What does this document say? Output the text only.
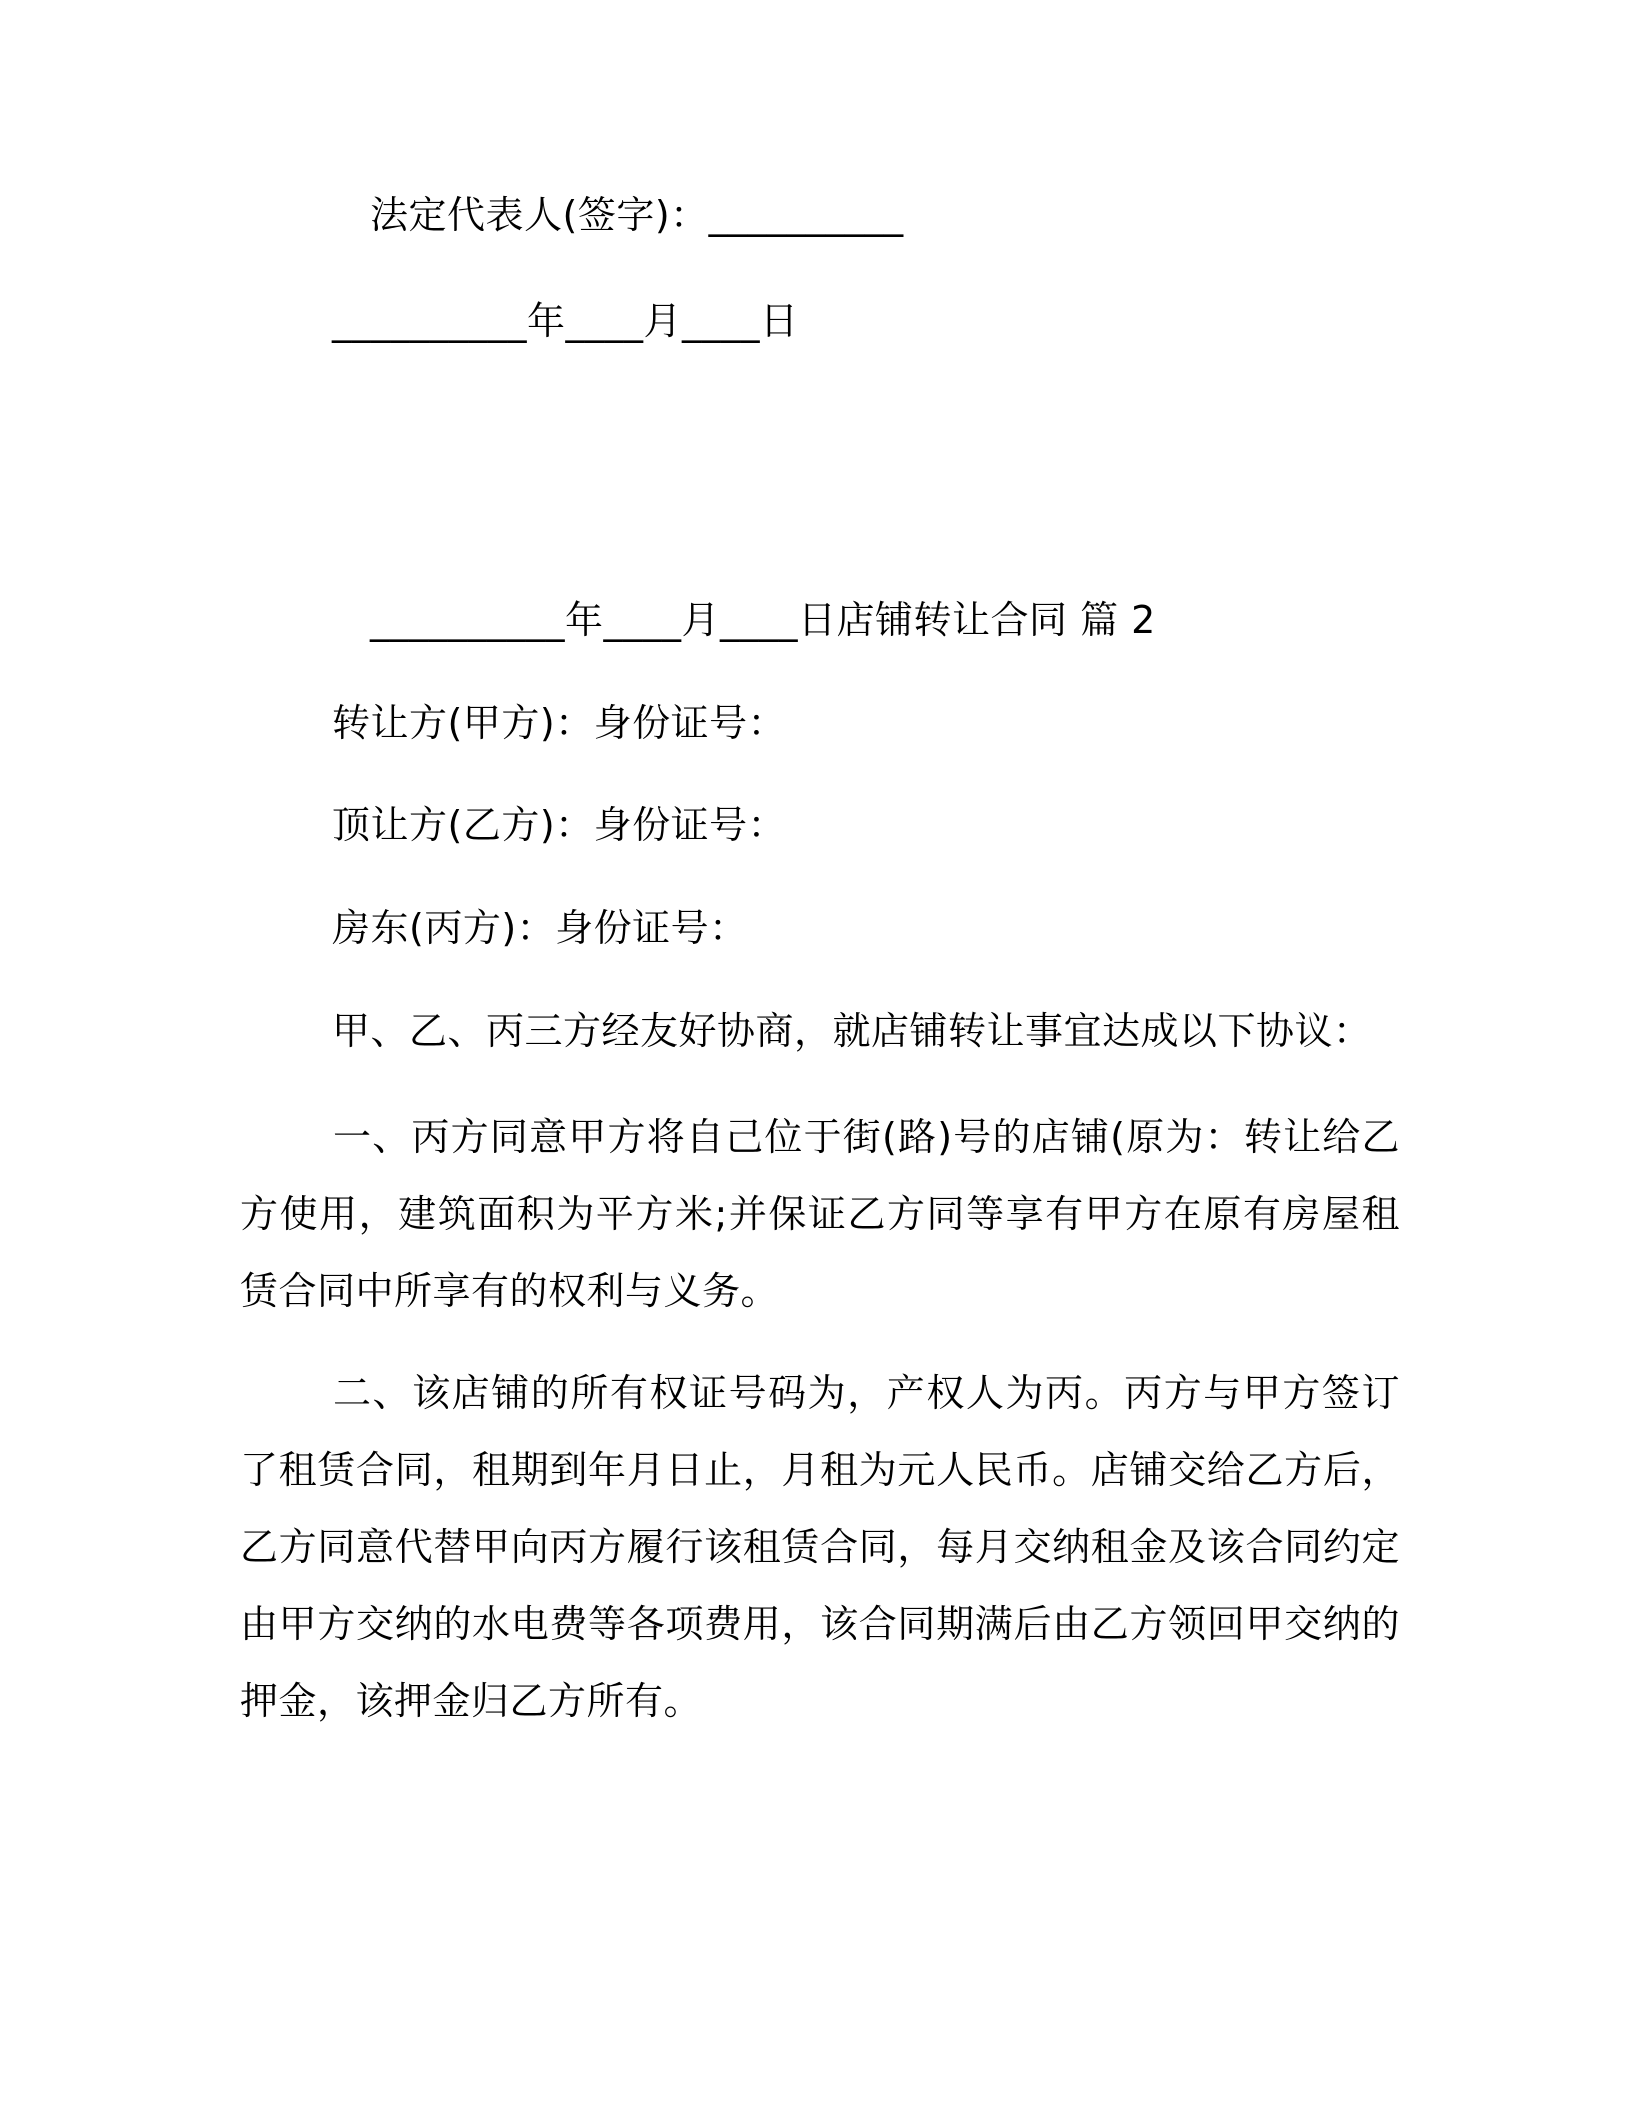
法定代表人(签字)：__________
__________年____月____日
__________年____月____日店铺转让合同 篇 2
转让方(甲方)：身份证号：
顶让方(乙方)：身份证号：
房东(丙方)：身份证号：
甲、乙、丙三方经友好协商，就店铺转让事宜达成以下协议：
一、丙方同意甲方将自己位于街(路)号的店铺(原为：转让给乙方使用，建筑面积为平方米;并保证乙方同等享有甲方在原有房屋租赁合同中所享有的权利与义务。
二、该店铺的所有权证号码为，产权人为丙。丙方与甲方签订了租赁合同，租期到年月日止，月租为元人民币。店铺交给乙方后，乙方同意代替甲向丙方履行该租赁合同，每月交纳租金及该合同约定由甲方交纳的水电费等各项费用，该合同期满后由乙方领回甲交纳的押金，该押金归乙方所有。
